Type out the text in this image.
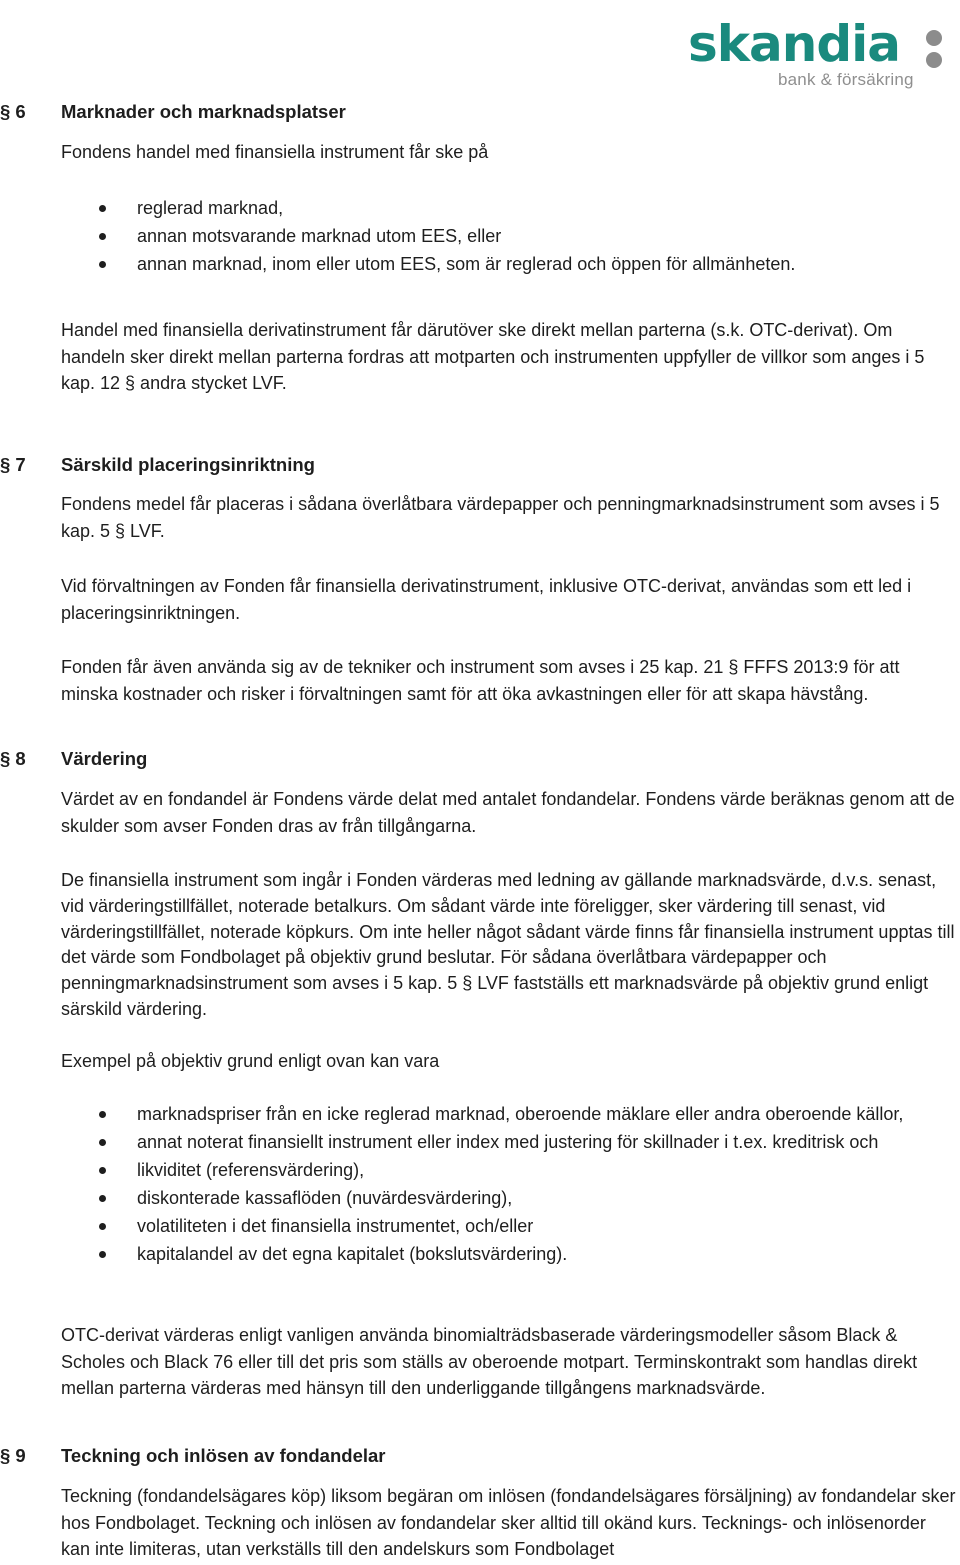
skandia
bank & försäkring
§ 6 Marknader och marknadsplatser

Fondens handel med finansiella instrument får ske på

reglerad marknad,
annan motsvarande marknad utom EES, eller
annan marknad, inom eller utom EES, som är reglerad och öppen för allmänheten.

Handel med finansiella derivatinstrument får därutöver ske direkt mellan parterna (s.k. OTC-derivat). Om handeln sker direkt mellan parterna fordras att motparten och instrumenten uppfyller de villkor som anges i 5 kap. 12 § andra stycket LVF.

§ 7 Särskild placeringsinriktning

Fondens medel får placeras i sådana överlåtbara värdepapper och penningmarknadsinstrument som avses i 5 kap. 5 § LVF.

Vid förvaltningen av Fonden får finansiella derivatinstrument, inklusive OTC-derivat, användas som ett led i placeringsinriktningen.

Fonden får även använda sig av de tekniker och instrument som avses i 25 kap. 21 § FFFS 2013:9 för att minska kostnader och risker i förvaltningen samt för att öka avkastningen eller för att skapa hävstång.

§ 8 Värdering

Värdet av en fondandel är Fondens värde delat med antalet fondandelar. Fondens värde beräknas genom att de skulder som avser Fonden dras av från tillgångarna.

De finansiella instrument som ingår i Fonden värderas med ledning av gällande marknadsvärde, d.v.s. senast, vid värderingstillfället, noterade betalkurs. Om sådant värde inte föreligger, sker värdering till senast, vid värderingstillfället, noterade köpkurs. Om inte heller något sådant värde finns får finansiella instrument upptas till det värde som Fondbolaget på objektiv grund beslutar. För sådana överlåtbara värdepapper och penningmarknadsinstrument som avses i 5 kap. 5 § LVF fastställs ett marknadsvärde på objektiv grund enligt särskild värdering.

Exempel på objektiv grund enligt ovan kan vara

marknadspriser från en icke reglerad marknad, oberoende mäklare eller andra oberoende källor,
annat noterat finansiellt instrument eller index med justering för skillnader i t.ex. kreditrisk och
likviditet (referensvärdering),
diskonterade kassaflöden (nuvärdesvärdering),
volatiliteten i det finansiella instrumentet, och/eller
kapitalandel av det egna kapitalet (bokslutsvärdering).

OTC-derivat värderas enligt vanligen använda binomialträdsbaserade värderingsmodeller såsom Black & Scholes och Black 76 eller till det pris som ställs av oberoende motpart. Terminskontrakt som handlas direkt mellan parterna värderas med hänsyn till den underliggande tillgångens marknadsvärde.

§ 9 Teckning och inlösen av fondandelar

Teckning (fondandelsägares köp) liksom begäran om inlösen (fondandelsägares försäljning) av fondandelar sker hos Fondbolaget. Teckning och inlösen av fondandelar sker alltid till okänd kurs. Tecknings- och inlösenorder kan inte limiteras, utan verkställs till den andelskurs som Fondbolaget
